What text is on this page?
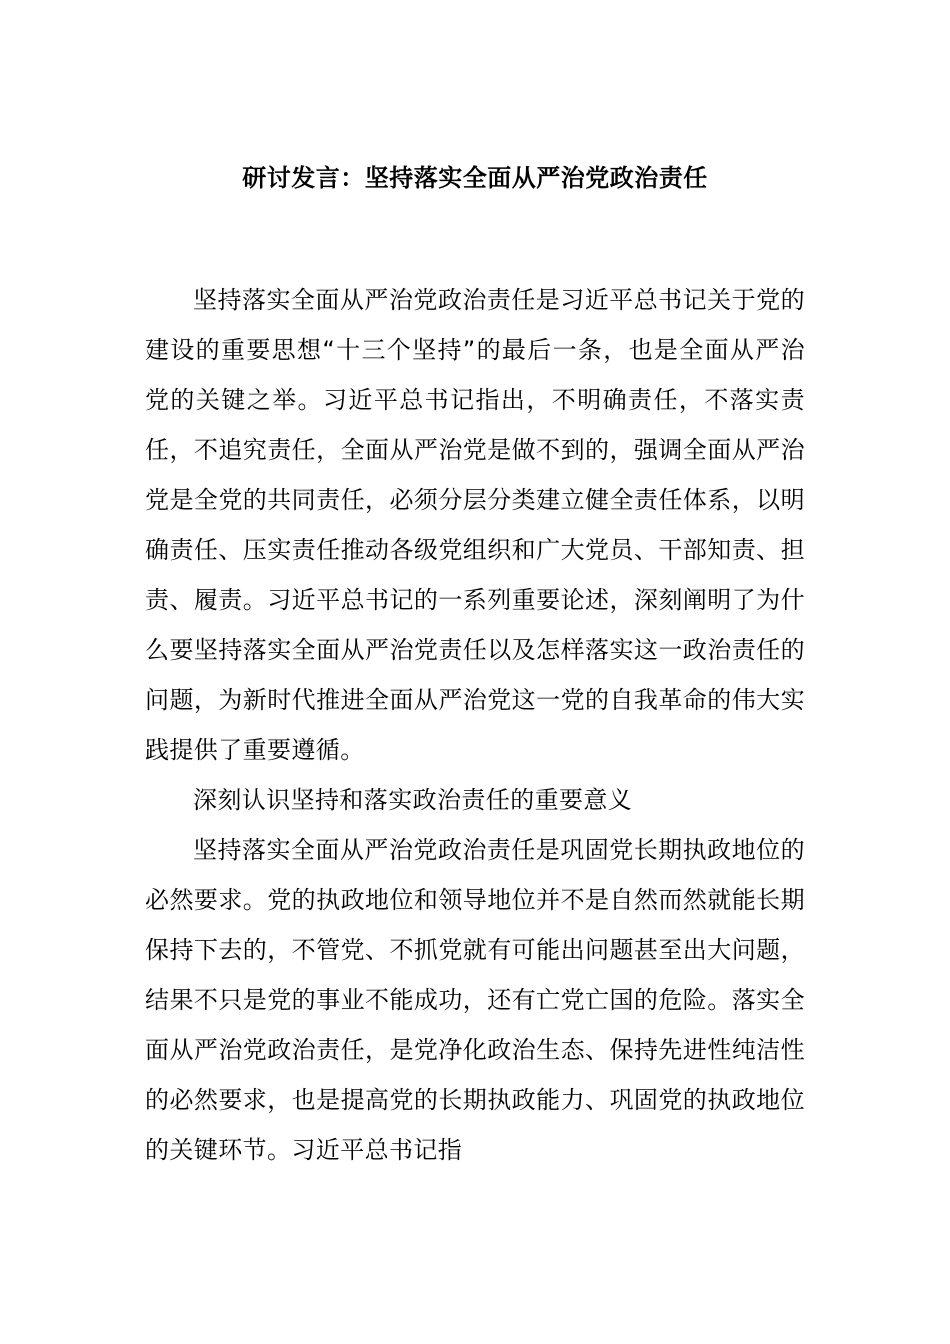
研讨发言：坚持落实全面从严治党政治责任

坚持落实全面从严治党政治责任是习近平总书记关于党的建设的重要思想“十三个坚持”的最后一条，也是全面从严治党的关键之举。习近平总书记指出，不明确责任，不落实责任，不追究责任，全面从严治党是做不到的，强调全面从严治党是全党的共同责任，必须分层分类建立健全责任体系，以明确责任、压实责任推动各级党组织和广大党员、干部知责、担责、履责。习近平总书记的一系列重要论述，深刻阐明了为什么要坚持落实全面从严治党责任以及怎样落实这一政治责任的问题，为新时代推进全面从严治党这一党的自我革命的伟大实践提供了重要遵循。

深刻认识坚持和落实政治责任的重要意义

坚持落实全面从严治党政治责任是巩固党长期执政地位的必然要求。党的执政地位和领导地位并不是自然而然就能长期保持下去的，不管党、不抓党就有可能出问题甚至出大问题，结果不只是党的事业不能成功，还有亡党亡国的危险。落实全面从严治党政治责任，是党净化政治生态、保持先进性纯洁性的必然要求，也是提高党的长期执政能力、巩固党的执政地位的关键环节。习近平总书记指
